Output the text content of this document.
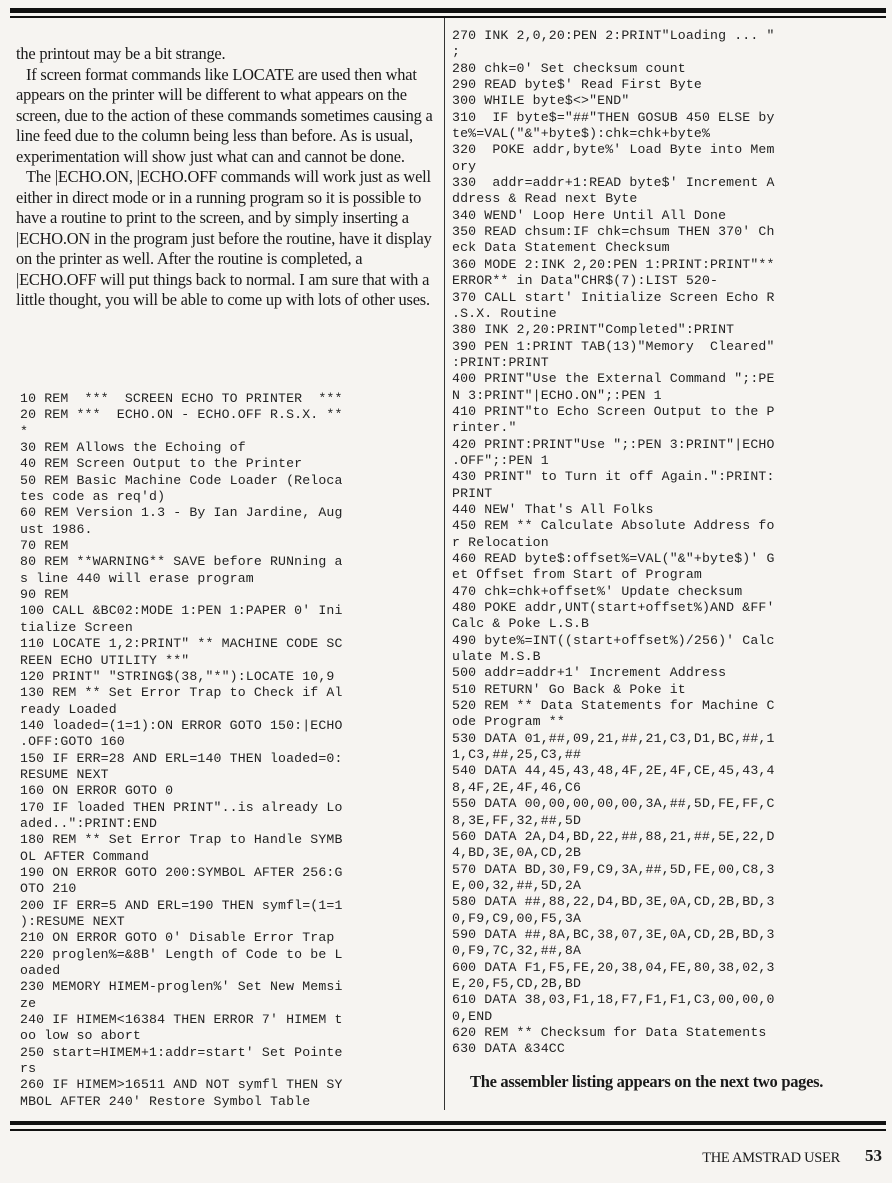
the printout may be a bit strange.

If screen format commands like LOCATE are used then what appears on the printer will be different to what appears on the screen, due to the action of these commands sometimes causing a line feed due to the column being less than before. As is usual, experimentation will show just what can and cannot be done.

The |ECHO.ON, |ECHO.OFF commands will work just as well either in direct mode or in a running program so it is possible to have a routine to print to the screen, and by simply inserting a |ECHO.ON in the program just before the routine, have it display on the printer as well. After the routine is completed, a |ECHO.OFF will put things back to normal. I am sure that with a little thought, you will be able to come up with lots of other uses.

10 REM  ***  SCREEN ECHO TO PRINTER  ***
20 REM ***  ECHO.ON - ECHO.OFF R.S.X. **
*
30 REM Allows the Echoing of
40 REM Screen Output to the Printer
50 REM Basic Machine Code Loader (Reloca
tes code as req'd)
60 REM Version 1.3 - By Ian Jardine, Aug
ust 1986.
70 REM
80 REM **WARNING** SAVE before RUNning a
s line 440 will erase program
90 REM
100 CALL &BC02:MODE 1:PEN 1:PAPER 0' Ini
tialize Screen
110 LOCATE 1,2:PRINT" ** MACHINE CODE SC
REEN ECHO UTILITY **"
120 PRINT" "STRING$(38,"*"):LOCATE 10,9
130 REM ** Set Error Trap to Check if Al
ready Loaded
140 loaded=(1=1):ON ERROR GOTO 150:|ECHO
.OFF:GOTO 160
150 IF ERR=28 AND ERL=140 THEN loaded=0:
RESUME NEXT
160 ON ERROR GOTO 0
170 IF loaded THEN PRINT"..is already Lo
aded..":PRINT:END
180 REM ** Set Error Trap to Handle SYMB
OL AFTER Command
190 ON ERROR GOTO 200:SYMBOL AFTER 256:G
OTO 210
200 IF ERR=5 AND ERL=190 THEN symfl=(1=1
):RESUME NEXT
210 ON ERROR GOTO 0' Disable Error Trap
220 proglen%=&8B' Length of Code to be L
oaded
230 MEMORY HIMEM-proglen%' Set New Memsi
ze
240 IF HIMEM<16384 THEN ERROR 7' HIMEM t
oo low so abort
250 start=HIMEM+1:addr=start' Set Pointe
rs
260 IF HIMEM>16511 AND NOT symfl THEN SY
MBOL AFTER 240' Restore Symbol Table
270 INK 2,0,20:PEN 2:PRINT"Loading ... "
;
280 chk=0' Set checksum count
290 READ byte$' Read First Byte
300 WHILE byte$<>"END"
310  IF byte$="##"THEN GOSUB 450 ELSE by
te%=VAL("&"+byte$):chk=chk+byte%
320  POKE addr,byte%' Load Byte into Mem
ory
330  addr=addr+1:READ byte$' Increment A
ddress & Read next Byte
340 WEND' Loop Here Until All Done
350 READ chsum:IF chk=chsum THEN 370' Ch
eck Data Statement Checksum
360 MODE 2:INK 2,20:PEN 1:PRINT:PRINT"**
ERROR** in Data"CHR$(7):LIST 520-
370 CALL start' Initialize Screen Echo R
.S.X. Routine
380 INK 2,20:PRINT"Completed":PRINT
390 PEN 1:PRINT TAB(13)"Memory  Cleared"
:PRINT:PRINT
400 PRINT"Use the External Command ";:PE
N 3:PRINT"|ECHO.ON";:PEN 1
410 PRINT"to Echo Screen Output to the P
rinter."
420 PRINT:PRINT"Use ";:PEN 3:PRINT"|ECHO
.OFF";:PEN 1
430 PRINT" to Turn it off Again.":PRINT:
PRINT
440 NEW' That's All Folks
450 REM ** Calculate Absolute Address fo
r Relocation
460 READ byte$:offset%=VAL("&"+byte$)' G
et Offset from Start of Program
470 chk=chk+offset%' Update checksum
480 POKE addr,UNT(start+offset%)AND &FF'
Calc & Poke L.S.B
490 byte%=INT((start+offset%)/256)' Calc
ulate M.S.B
500 addr=addr+1' Increment Address
510 RETURN' Go Back & Poke it
520 REM ** Data Statements for Machine C
ode Program **
530 DATA 01,##,09,21,##,21,C3,D1,BC,##,1
1,C3,##,25,C3,##
540 DATA 44,45,43,48,4F,2E,4F,CE,45,43,4
8,4F,2E,4F,46,C6
550 DATA 00,00,00,00,00,3A,##,5D,FE,FF,C
8,3E,FF,32,##,5D
560 DATA 2A,D4,BD,22,##,88,21,##,5E,22,D
4,BD,3E,0A,CD,2B
570 DATA BD,30,F9,C9,3A,##,5D,FE,00,C8,3
E,00,32,##,5D,2A
580 DATA ##,88,22,D4,BD,3E,0A,CD,2B,BD,3
0,F9,C9,00,F5,3A
590 DATA ##,8A,BC,38,07,3E,0A,CD,2B,BD,3
0,F9,7C,32,##,8A
600 DATA F1,F5,FE,20,38,04,FE,80,38,02,3
E,20,F5,CD,2B,BD
610 DATA 38,03,F1,18,F7,F1,F1,C3,00,00,0
0,END
620 REM ** Checksum for Data Statements
630 DATA &34CC
The assembler listing appears on the next two pages.
THE AMSTRAD USER 53
